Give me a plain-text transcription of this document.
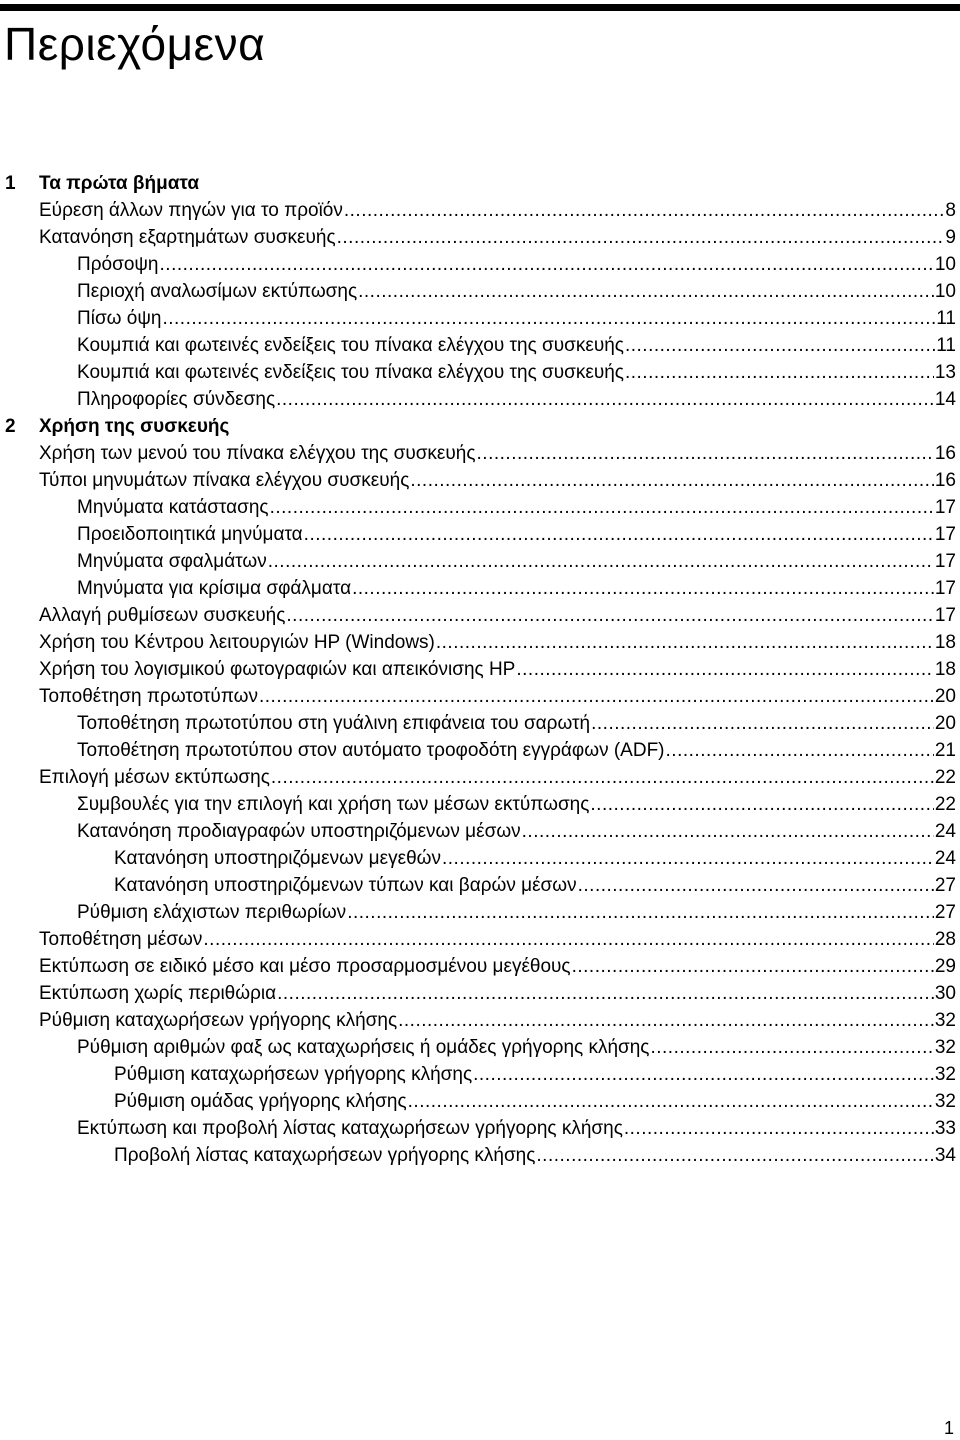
Περιεχόμενα
1 Τα πρώτα βήματα
Εύρεση άλλων πηγών για το προϊόν .....	8
Κατανόηση εξαρτημάτων συσκευής .....	9
Πρόσοψη .....	10
Περιοχή αναλωσίμων εκτύπωσης .....	10
Πίσω όψη .....	11
Κουμπιά και φωτεινές ενδείξεις του πίνακα ελέγχου της συσκευής .....	11
Κουμπιά και φωτεινές ενδείξεις του πίνακα ελέγχου της συσκευής .....	13
Πληροφορίες σύνδεσης .....	14
2 Χρήση της συσκευής
Χρήση των μενού του πίνακα ελέγχου της συσκευής .....	16
Τύποι μηνυμάτων πίνακα ελέγχου συσκευής .....	16
Μηνύματα κατάστασης .....	17
Προειδοποιητικά μηνύματα .....	17
Μηνύματα σφαλμάτων .....	17
Μηνύματα για κρίσιμα σφάλματα .....	17
Αλλαγή ρυθμίσεων συσκευής .....	17
Χρήση του Κέντρου λειτουργιών HP (Windows) .....	18
Χρήση του λογισμικού φωτογραφιών και απεικόνισης HP .....	18
Τοποθέτηση πρωτοτύπων .....	20
Τοποθέτηση πρωτοτύπου στη γυάλινη επιφάνεια του σαρωτή .....	20
Τοποθέτηση πρωτοτύπου στον αυτόματο τροφοδότη εγγράφων (ADF) .....	21
Επιλογή μέσων εκτύπωσης .....	22
Συμβουλές για την επιλογή και χρήση των μέσων εκτύπωσης .....	22
Κατανόηση προδιαγραφών υποστηριζόμενων μέσων .....	24
Κατανόηση υποστηριζόμενων μεγεθών .....	24
Κατανόηση υποστηριζόμενων τύπων και βαρών μέσων .....	27
Ρύθμιση ελάχιστων περιθωρίων .....	27
Τοποθέτηση μέσων .....	28
Εκτύπωση σε ειδικό μέσο και μέσο προσαρμοσμένου μεγέθους .....	29
Εκτύπωση χωρίς περιθώρια .....	30
Ρύθμιση καταχωρήσεων γρήγορης κλήσης .....	32
Ρύθμιση αριθμών φαξ ως καταχωρήσεις ή ομάδες γρήγορης κλήσης .....	32
Ρύθμιση καταχωρήσεων γρήγορης κλήσης .....	32
Ρύθμιση ομάδας γρήγορης κλήσης .....	32
Εκτύπωση και προβολή λίστας καταχωρήσεων γρήγορης κλήσης .....	33
Προβολή λίστας καταχωρήσεων γρήγορης κλήσης .....	34
1
